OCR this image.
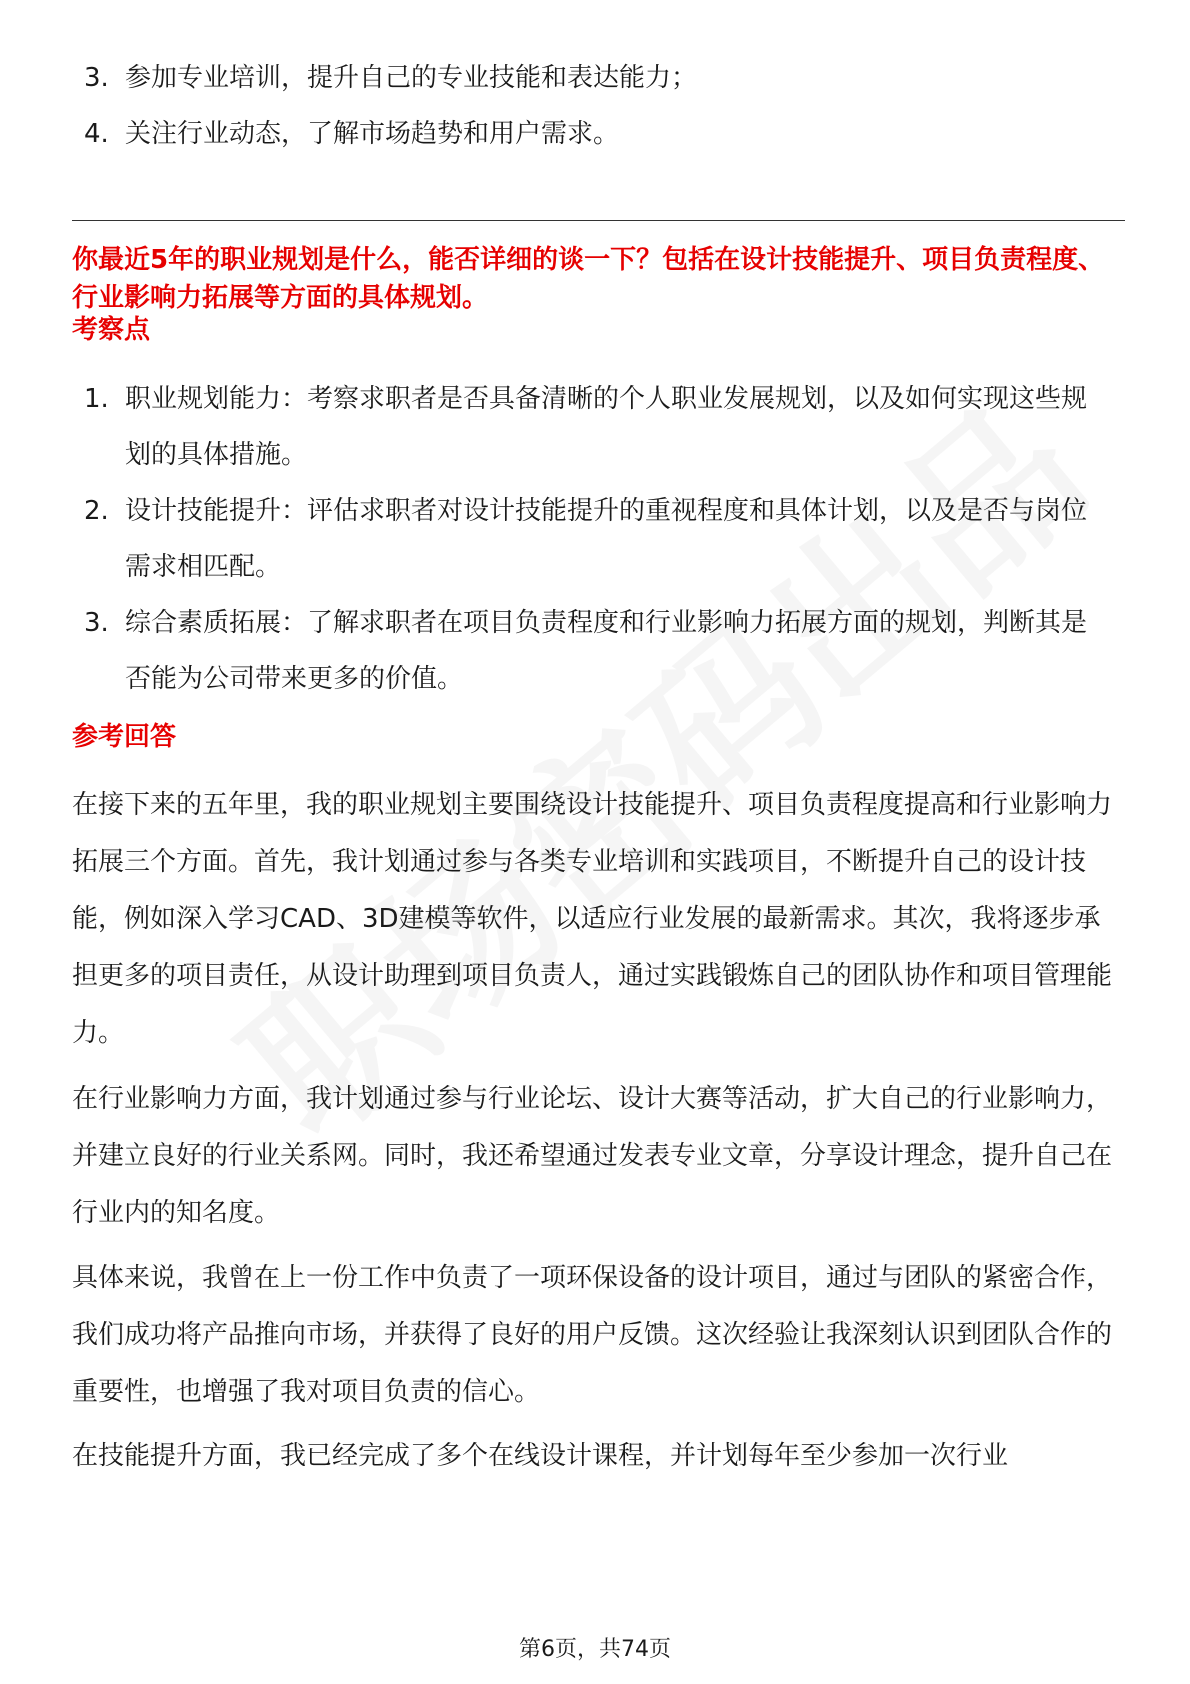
3. 参加专业培训，提升自己的专业技能和表达能力；
4. 关注行业动态，了解市场趋势和用户需求。
你最近5年的职业规划是什么，能否详细的谈一下？包括在设计技能提升、项目负责程度、行业影响力拓展等方面的具体规划。
考察点
1. 职业规划能力：考察求职者是否具备清晰的个人职业发展规划，以及如何实现这些规划的具体措施。
2. 设计技能提升：评估求职者对设计技能提升的重视程度和具体计划，以及是否与岗位需求相匹配。
3. 综合素质拓展：了解求职者在项目负责程度和行业影响力拓展方面的规划，判断其是否能为公司带来更多的价值。
参考回答

在接下来的五年里，我的职业规划主要围绕设计技能提升、项目负责程度提高和行业影响力拓展三个方面。首先，我计划通过参与各类专业培训和实践项目，不断提升自己的设计技能，例如深入学习CAD、3D建模等软件，以适应行业发展的最新需求。其次，我将逐步承担更多的项目责任，从设计助理到项目负责人，通过实践锻炼自己的团队协作和项目管理能力。

在行业影响力方面，我计划通过参与行业论坛、设计大赛等活动，扩大自己的行业影响力，并建立良好的行业关系网。同时，我还希望通过发表专业文章，分享设计理念，提升自己在行业内的知名度。

具体来说，我曾在上一份工作中负责了一项环保设备的设计项目，通过与团队的紧密合作，我们成功将产品推向市场，并获得了良好的用户反馈。这次经验让我深刻认识到团队合作的重要性，也增强了我对项目负责的信心。

在技能提升方面，我已经完成了多个在线设计课程，并计划每年至少参加一次行业

第6页，共74页
